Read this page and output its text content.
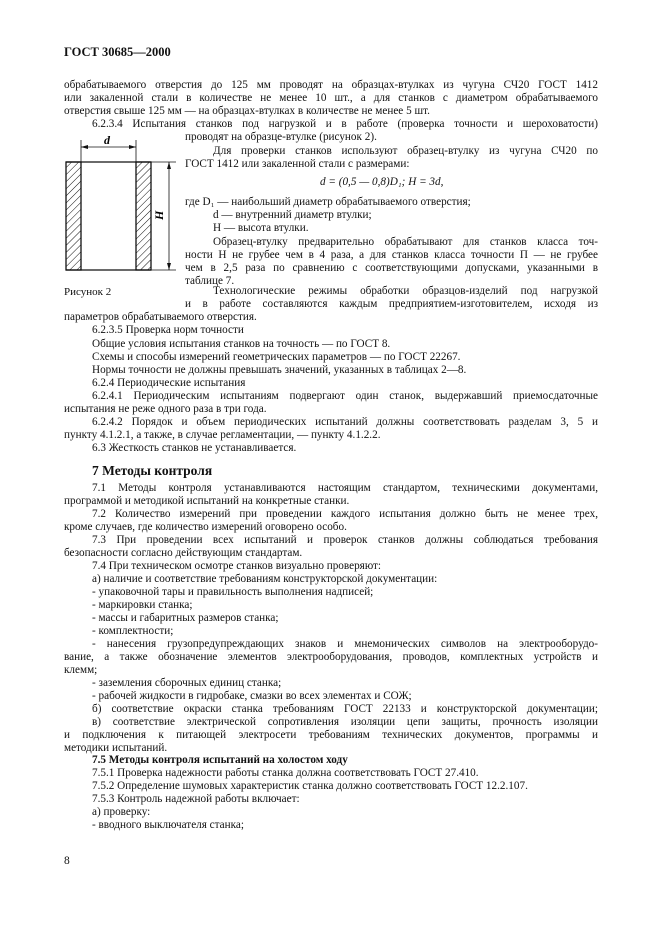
ГОСТ 30685—2000
d
H
Рисунок 2
обрабатываемого отверстия до 125 мм проводят на образцах-втулках из чугуна СЧ20 ГОСТ 1412
или закаленной стали в количестве не менее 10 шт., а для станков с диаметром обрабатываемого
отверстия свыше 125 мм — на образцах-втулках в количестве не менее 5 шт.
6.2.3.4 Испытания станков под нагрузкой и в работе (проверка точности и шероховатости)
проводят на образце-втулке (рисунок 2).
Для проверки станков используют образец-втулку из чугуна СЧ20 по
ГОСТ 1412 или закаленной стали с размерами:
d = (0,5 — 0,8)D₁; H = 3d,
где D₁ — наибольший диаметр обрабатываемого отверстия;
d — внутренний диаметр втулки;
H — высота втулки.
Образец-втулку предварительно обрабатывают для станков класса точ-
ности Н не грубее чем в 4 раза, а для станков класса точности П — не грубее
чем в 2,5 раза по сравнению с соответствующими допусками, указанными в
таблице 7.
Технологические режимы обработки образцов-изделий под нагрузкой
и в работе составляются каждым предприятием-изготовителем, исходя из
параметров обрабатываемого отверстия.
6.2.3.5 Проверка норм точности
Общие условия испытания станков на точность — по ГОСТ 8.
Схемы и способы измерений геометрических параметров — по ГОСТ 22267.
Нормы точности не должны превышать значений, указанных в таблицах 2—8.
6.2.4 Периодические испытания
6.2.4.1 Периодическим испытаниям подвергают один станок, выдержавший приемосдаточные
испытания не реже одного раза в три года.
6.2.4.2 Порядок и объем периодических испытаний должны соответствовать разделам 3, 5 и
пункту 4.1.2.1, а также, в случае регламентации, — пункту 4.1.2.2.
6.3 Жесткость станков не устанавливается.
7 Методы контроля
7.1 Методы контроля устанавливаются настоящим стандартом, техническими документами,
программой и методикой испытаний на конкретные станки.
7.2 Количество измерений при проведении каждого испытания должно быть не менее трех,
кроме случаев, где количество измерений оговорено особо.
7.3 При проведении всех испытаний и проверок станков должны соблюдаться требования
безопасности согласно действующим стандартам.
7.4 При техническом осмотре станков визуально проверяют:
а) наличие и соответствие требованиям конструкторской документации:
- упаковочной тары и правильность выполнения надписей;
- маркировки станка;
- массы и габаритных размеров станка;
- комплектности;
- нанесения грузопредупреждающих знаков и мнемонических символов на электрооборудо-
вание, а также обозначение элементов электрооборудования, проводов, комплектных устройств и
клемм;
- заземления сборочных единиц станка;
- рабочей жидкости в гидробаке, смазки во всех элементах и СОЖ;
б) соответствие окраски станка требованиям ГОСТ 22133 и конструкторской документации;
в) соответствие электрической сопротивления изоляции цепи защиты, прочность изоляции
и подключения к питающей электросети требованиям технических документов, программы и
методики испытаний.
7.5 Методы контроля испытаний на холостом ходу
7.5.1 Проверка надежности работы станка должна соответствовать ГОСТ 27.410.
7.5.2 Определение шумовых характеристик станка должно соответствовать ГОСТ 12.2.107.
7.5.3 Контроль надежной работы включает:
а) проверку:
- вводного выключателя станка;
8
